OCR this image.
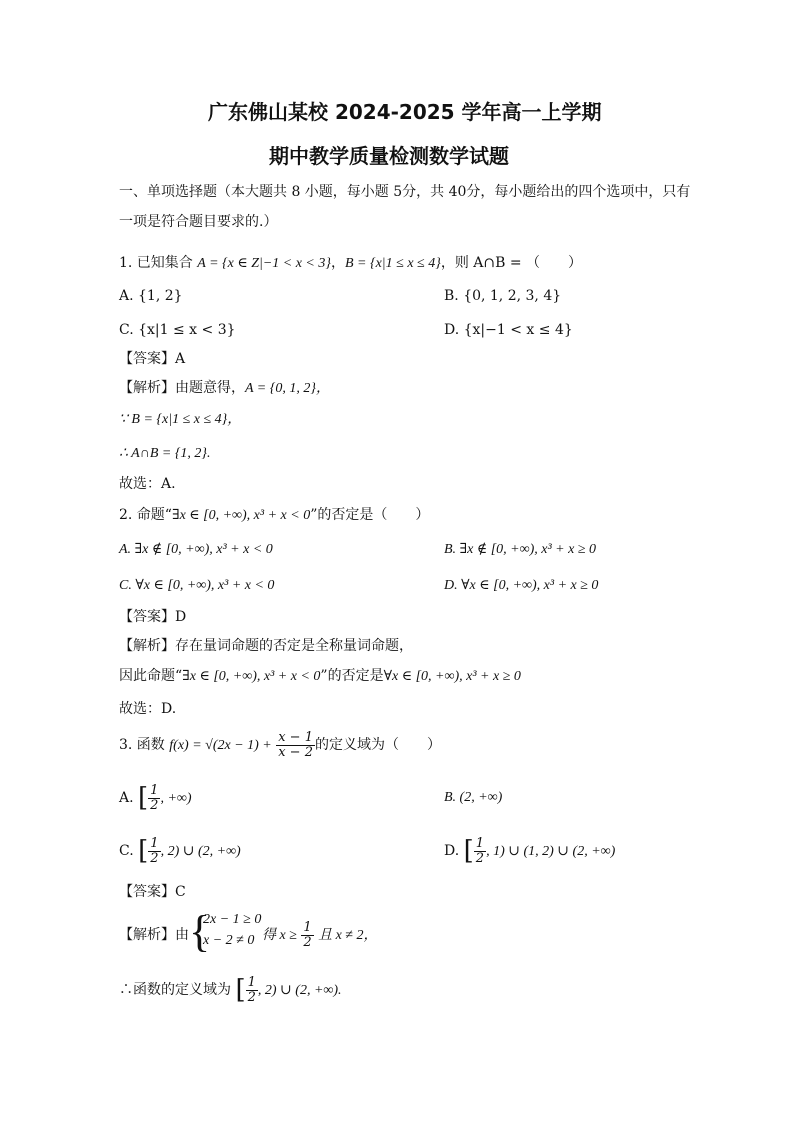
广东佛山某校 2024-2025 学年高一上学期
期中教学质量检测数学试题
一、单项选择题（本大题共 8 小题，每小题 5分，共 40分，每小题给出的四个选项中，只有
一项是符合题目要求的.）
1. 已知集合 A = {x ∈ Z|−1 < x < 3}，B = {x|1 ≤ x ≤ 4}，则 A∩B = （　　）
A. {1, 2}	B. {0, 1, 2, 3, 4}
C. {x|1 ≤ x < 3}	D. {x|−1 < x ≤ 4}
【答案】A
【解析】由题意得，A = {0, 1, 2}，
∵ B = {x|1 ≤ x ≤ 4}，
∴ A∩B = {1, 2}.
故选：A.
2. 命题“∃x ∈ [0, +∞), x³ + x < 0”的否定是（　　）
A. ∃x ∉ [0, +∞), x³ + x < 0	B. ∃x ∉ [0, +∞), x³ + x ≥ 0
C. ∀x ∈ [0, +∞), x³ + x < 0	D. ∀x ∈ [0, +∞), x³ + x ≥ 0
【答案】D
【解析】存在量词命题的否定是全称量词命题，
因此命题“∃x ∈ [0, +∞), x³ + x < 0”的否定是∀x ∈ [0, +∞), x³ + x ≥ 0
故选：D.
3. 函数 $f(x) = √(2x - 1) + \frac{x - 1}{x - 2}$ 的定义域为（　　）
A. [ $\frac{1}{2}$ , +∞)	B. (2, +∞)
C. [ $\frac{1}{2}$ , 2) ∪ (2, +∞)	D. [ $\frac{1}{2}$ , 1) ∪ (1, 2) ∪ (2, +∞)
【答案】C
【解析】由 {
2x − 1 ≥ 0
x − 2 ≠ 0 得 $x \ge \frac{1}{2}$ 且 x ≠ 2，
∴函数的定义域为 [ $\frac{1}{2}$ , 2) ∪ (2, +∞).
